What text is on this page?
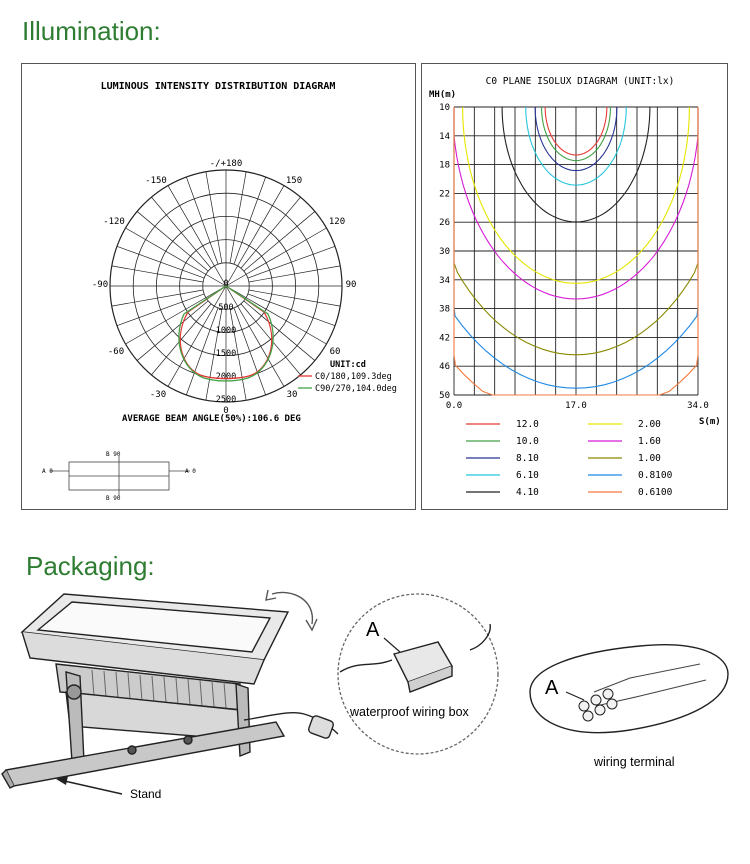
Illumination:
Packaging:
LUMINOUS INTENSITY DISTRIBUTION DIAGRAM
-/+180
-150	150
-120	120
-90	90
-60	60
-30	30
0
0
500
1000
1500
2000
2500
UNIT:cd
C0/180,109.3deg
C90/270,104.0deg
AVERAGE BEAM ANGLE(50%):106.6 DEG
B 90
B 90
A 0	A 0
C0 PLANE ISOLUX DIAGRAM (UNIT:lx)
MH(m)
S(m)
10
14
18
22
26
30
34
38
42
46
50
0.0	17.0	34.0
12.0
10.0
8.10
6.10
4.10
2.00
1.60
1.00
0.8100
0.6100
Stand
A
waterproof wiring box
A
wiring terminal
